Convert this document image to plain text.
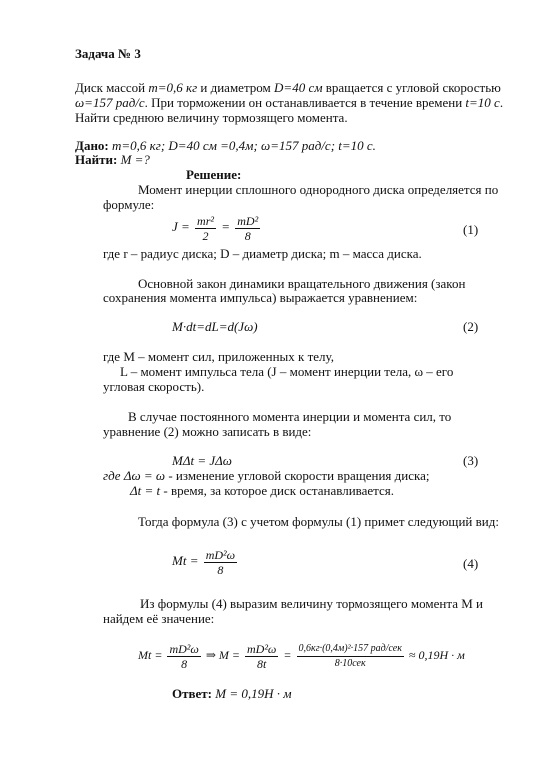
Задача № 3
Диск массой m=0,6 кг и диаметром D=40 см вращается с угловой скоростью
ω=157 рад/с. При торможении он останавливается в течение времени t=10 с.
Найти среднюю величину тормозящего момента.
Дано: m=0,6 кг; D=40 см =0,4м; ω=157 рад/с; t=10 с.
Найти: M =?
Решение:
Момент инерции сплошного однородного диска определяется по
формуле:
$J = \frac{\text{mr²}}{2} = \frac{\text{mD²}}{8}$	(1)
где r – радиус диска; D – диаметр диска; m – масса диска.
Основной закон динамики вращательного движения (закон
сохранения момента импульса) выражается уравнением:
M·dt=dL=d(Jω)	(2)
где M – момент сил, приложенных к телу,
L – момент импульса тела (J – момент инерции тела, ω – его
угловая скорость).
В случае постоянного момента инерции и момента сил, то
уравнение (2) можно записать в виде:
MΔt = JΔω	(3)
где Δω = ω - изменение угловой скорости вращения диска;
Δt = t - время, за которое диск останавливается.
Тогда формула (3) с учетом формулы (1) примет следующий вид:
$Mt = \frac{\text{mD²ω}}{8}$	(4)
Из формулы (4) выразим величину тормозящего момента M и
найдем её значение:
$Mt = \frac{\text{mD²ω}}{8}$ ⇒ $M = \frac{\text{mD²ω}}{8t} = \frac{\text{0,6кг·(0,4м)²·157 рад/сек}}{\text{8·10сек}} \approx 0,19Н \cdot м$
Ответ: M = 0,19Н · м
